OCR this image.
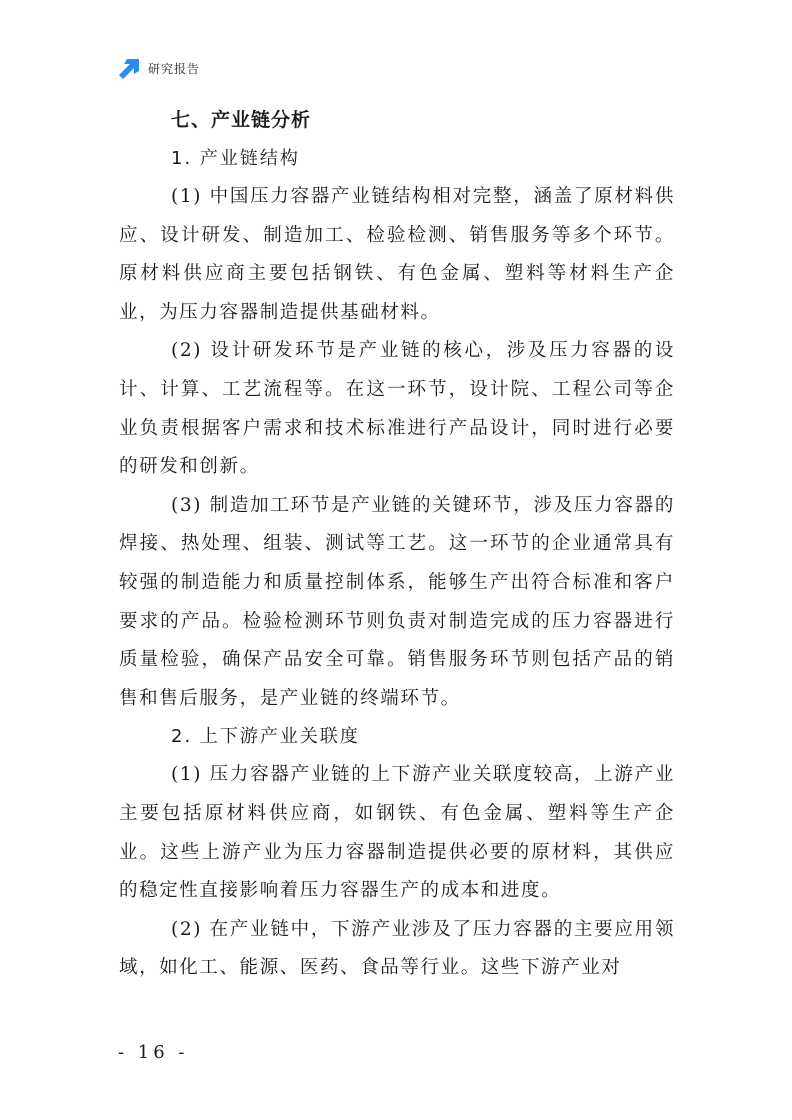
研究报告

七、产业链分析

1. 产业链结构

(1) 中国压力容器产业链结构相对完整，涵盖了原材料供应、设计研发、制造加工、检验检测、销售服务等多个环节。原材料供应商主要包括钢铁、有色金属、塑料等材料生产企业，为压力容器制造提供基础材料。

(2) 设计研发环节是产业链的核心，涉及压力容器的设计、计算、工艺流程等。在这一环节，设计院、工程公司等企业负责根据客户需求和技术标准进行产品设计，同时进行必要的研发和创新。

(3) 制造加工环节是产业链的关键环节，涉及压力容器的焊接、热处理、组装、测试等工艺。这一环节的企业通常具有较强的制造能力和质量控制体系，能够生产出符合标准和客户要求的产品。检验检测环节则负责对制造完成的压力容器进行质量检验，确保产品安全可靠。销售服务环节则包括产品的销售和售后服务，是产业链的终端环节。

2. 上下游产业关联度

(1) 压力容器产业链的上下游产业关联度较高，上游产业主要包括原材料供应商，如钢铁、有色金属、塑料等生产企业。这些上游产业为压力容器制造提供必要的原材料，其供应的稳定性直接影响着压力容器生产的成本和进度。

(2) 在产业链中，下游产业涉及了压力容器的主要应用领域，如化工、能源、医药、食品等行业。这些下游产业对

- 16 -
